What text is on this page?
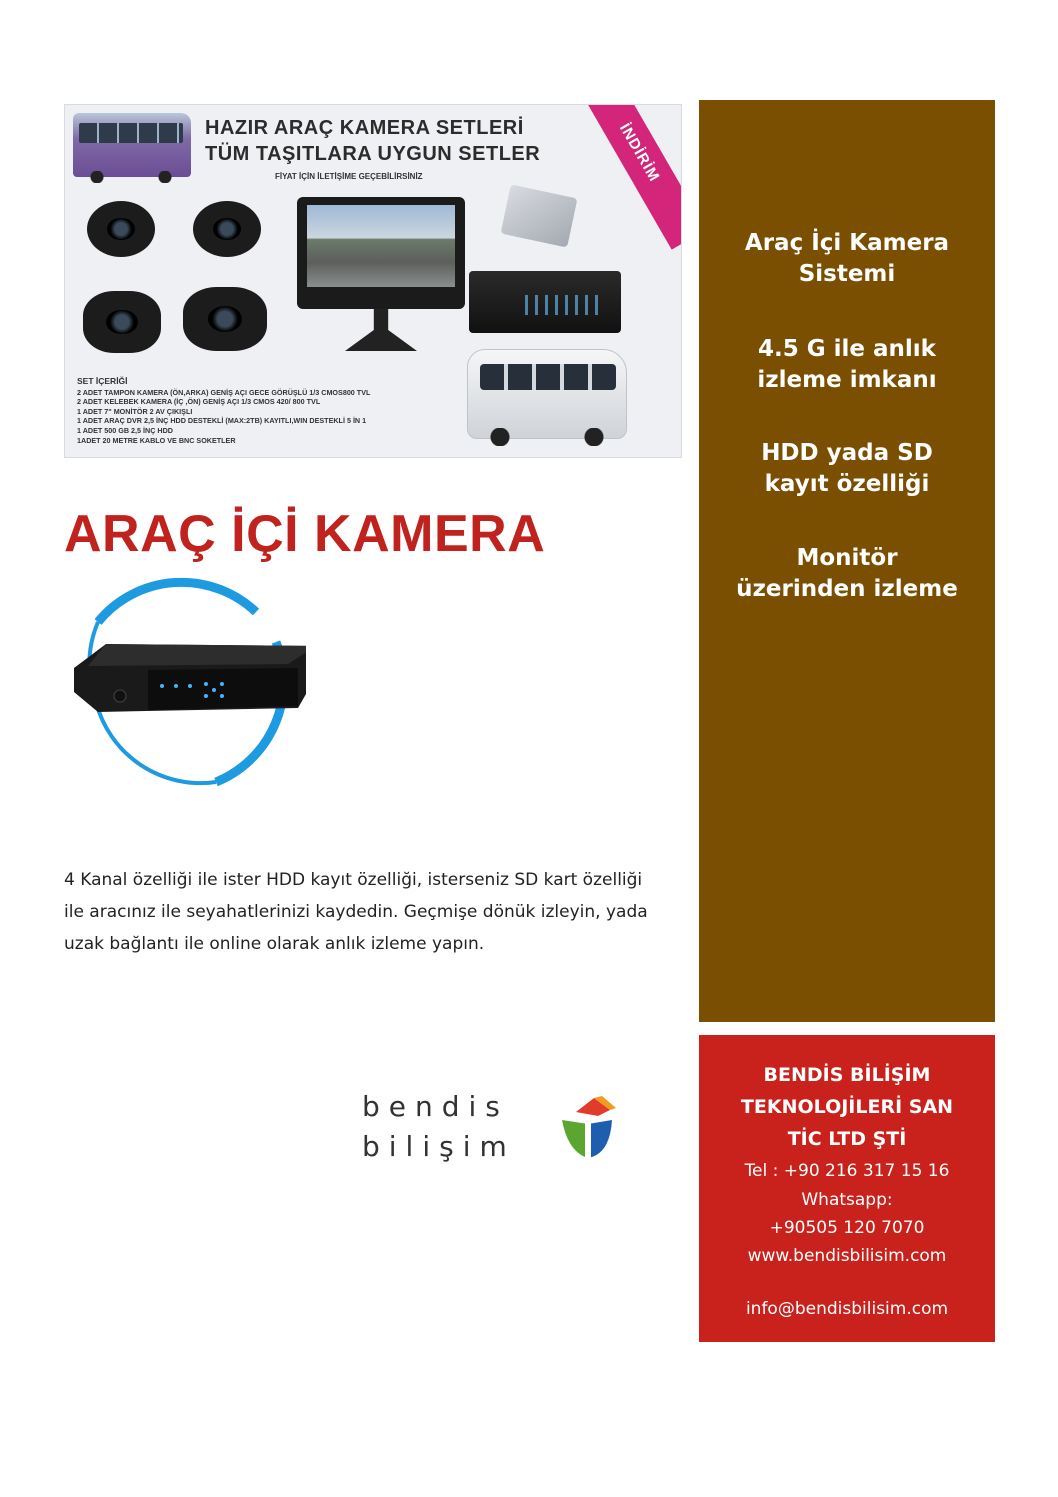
HAZIR ARAÇ KAMERA SETLERİ
TÜM TAŞITLARA UYGUN SETLER
FİYAT İÇİN İLETİŞİME GEÇEBİLİRSİNİZ	İNDİRİM
SET İÇERİĞİ
2 ADET TAMPON KAMERA (ÖN,ARKA) GENİŞ AÇI GECE GÖRÜŞLÜ 1/3 CMOS800 TVL
2 ADET KELEBEK KAMERA (İÇ ,ÖN) GENİŞ AÇI 1/3 CMOS 420/ 800 TVL
1 ADET 7" MONİTÖR 2 AV ÇIKIŞLI
1 ADET ARAÇ DVR 2,5 İNÇ HDD DESTEKLİ (MAX:2TB) KAYITLI,WIN DESTEKLİ 5 İN 1
1 ADET 500 GB 2,5 İNÇ HDD
1ADET 20 METRE KABLO VE BNC SOKETLER
ARAÇ İÇİ KAMERA

4 Kanal özelliği ile ister HDD kayıt özelliği, isterseniz SD kart özelliği ile aracınız ile seyahatlerinizi kaydedin. Geçmişe dönük izleyin, yada uzak bağlantı ile online olarak anlık izleme yapın.

bendis
bilişim
Araç İçi Kamera
Sistemi
4.5 G ile anlık
izleme imkanı
HDD yada SD
kayıt özelliği
Monitör
üzerinden izleme
BENDİS BİLİŞİM
TEKNOLOJİLERİ SAN
TİC LTD ŞTİ
Tel : +90 216 317 15 16
Whatsapp:
+90505 120 7070
www.bendisbilisim.com
info@bendisbilisim.com
